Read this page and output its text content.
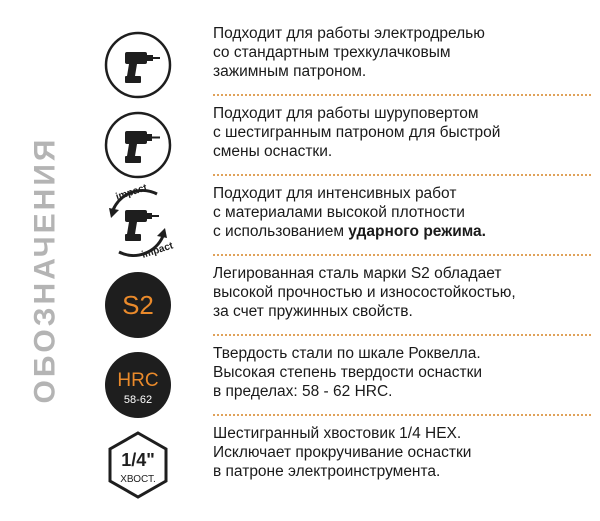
ОБОЗНАЧЕНИЯ
Подходит для работы электродрелью
со стандартным трехкулачковым
зажимным патроном.
Подходит для работы шуруповертом
с шестигранным патроном для быстрой
смены оснастки.
impact
impact
Подходит для интенсивных работ
с материалами высокой плотности
с использованием ударного режима.
S2
Легированная сталь марки S2 обладает
высокой прочностью и износостойкостью,
за счет пружинных свойств.
HRC
58-62
Твердость стали по шкале Роквелла.
Высокая степень твердости оснастки
в пределах: 58 - 62 HRC.
1/4"
ХВОСТ.
Шестигранный хвостовик 1/4 HEX.
Исключает прокручивание оснастки
в патроне электроинструмента.
